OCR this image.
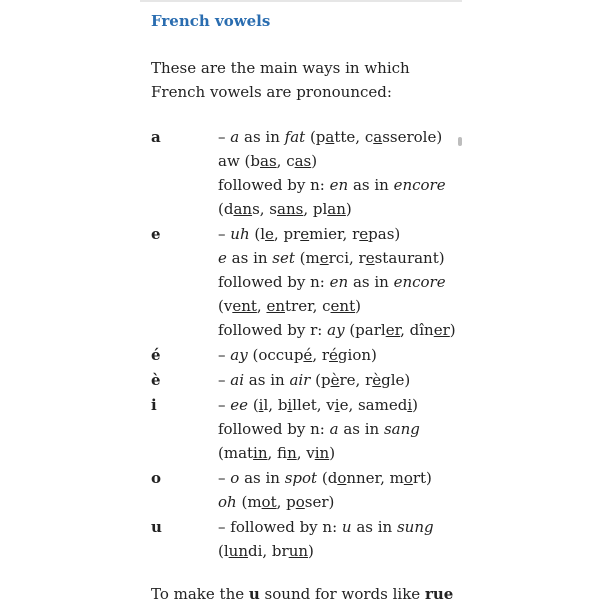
French vowels
These are the main ways in which French vowels are pronounced:
a	– a as in fat (patte, casserole)
aw (bas, cas)
followed by n: en as in encore
(dans, sans, plan)

e	– uh (le, premier, repas)
e as in set (merci, restaurant)
followed by n: en as in encore
(vent, entrer, cent)
followed by r: ay (parler, dîner)

é	– ay (occupé, région)

è	– ai as in air (père, règle)

i	– ee (il, billet, vie, samedi)
followed by n: a as in sang
(matin, fin, vin)

o	– o as in spot (donner, mort)
oh (mot, poser)

u	– followed by n: u as in sung
(lundi, brun)
To make the u sound for words like rue
